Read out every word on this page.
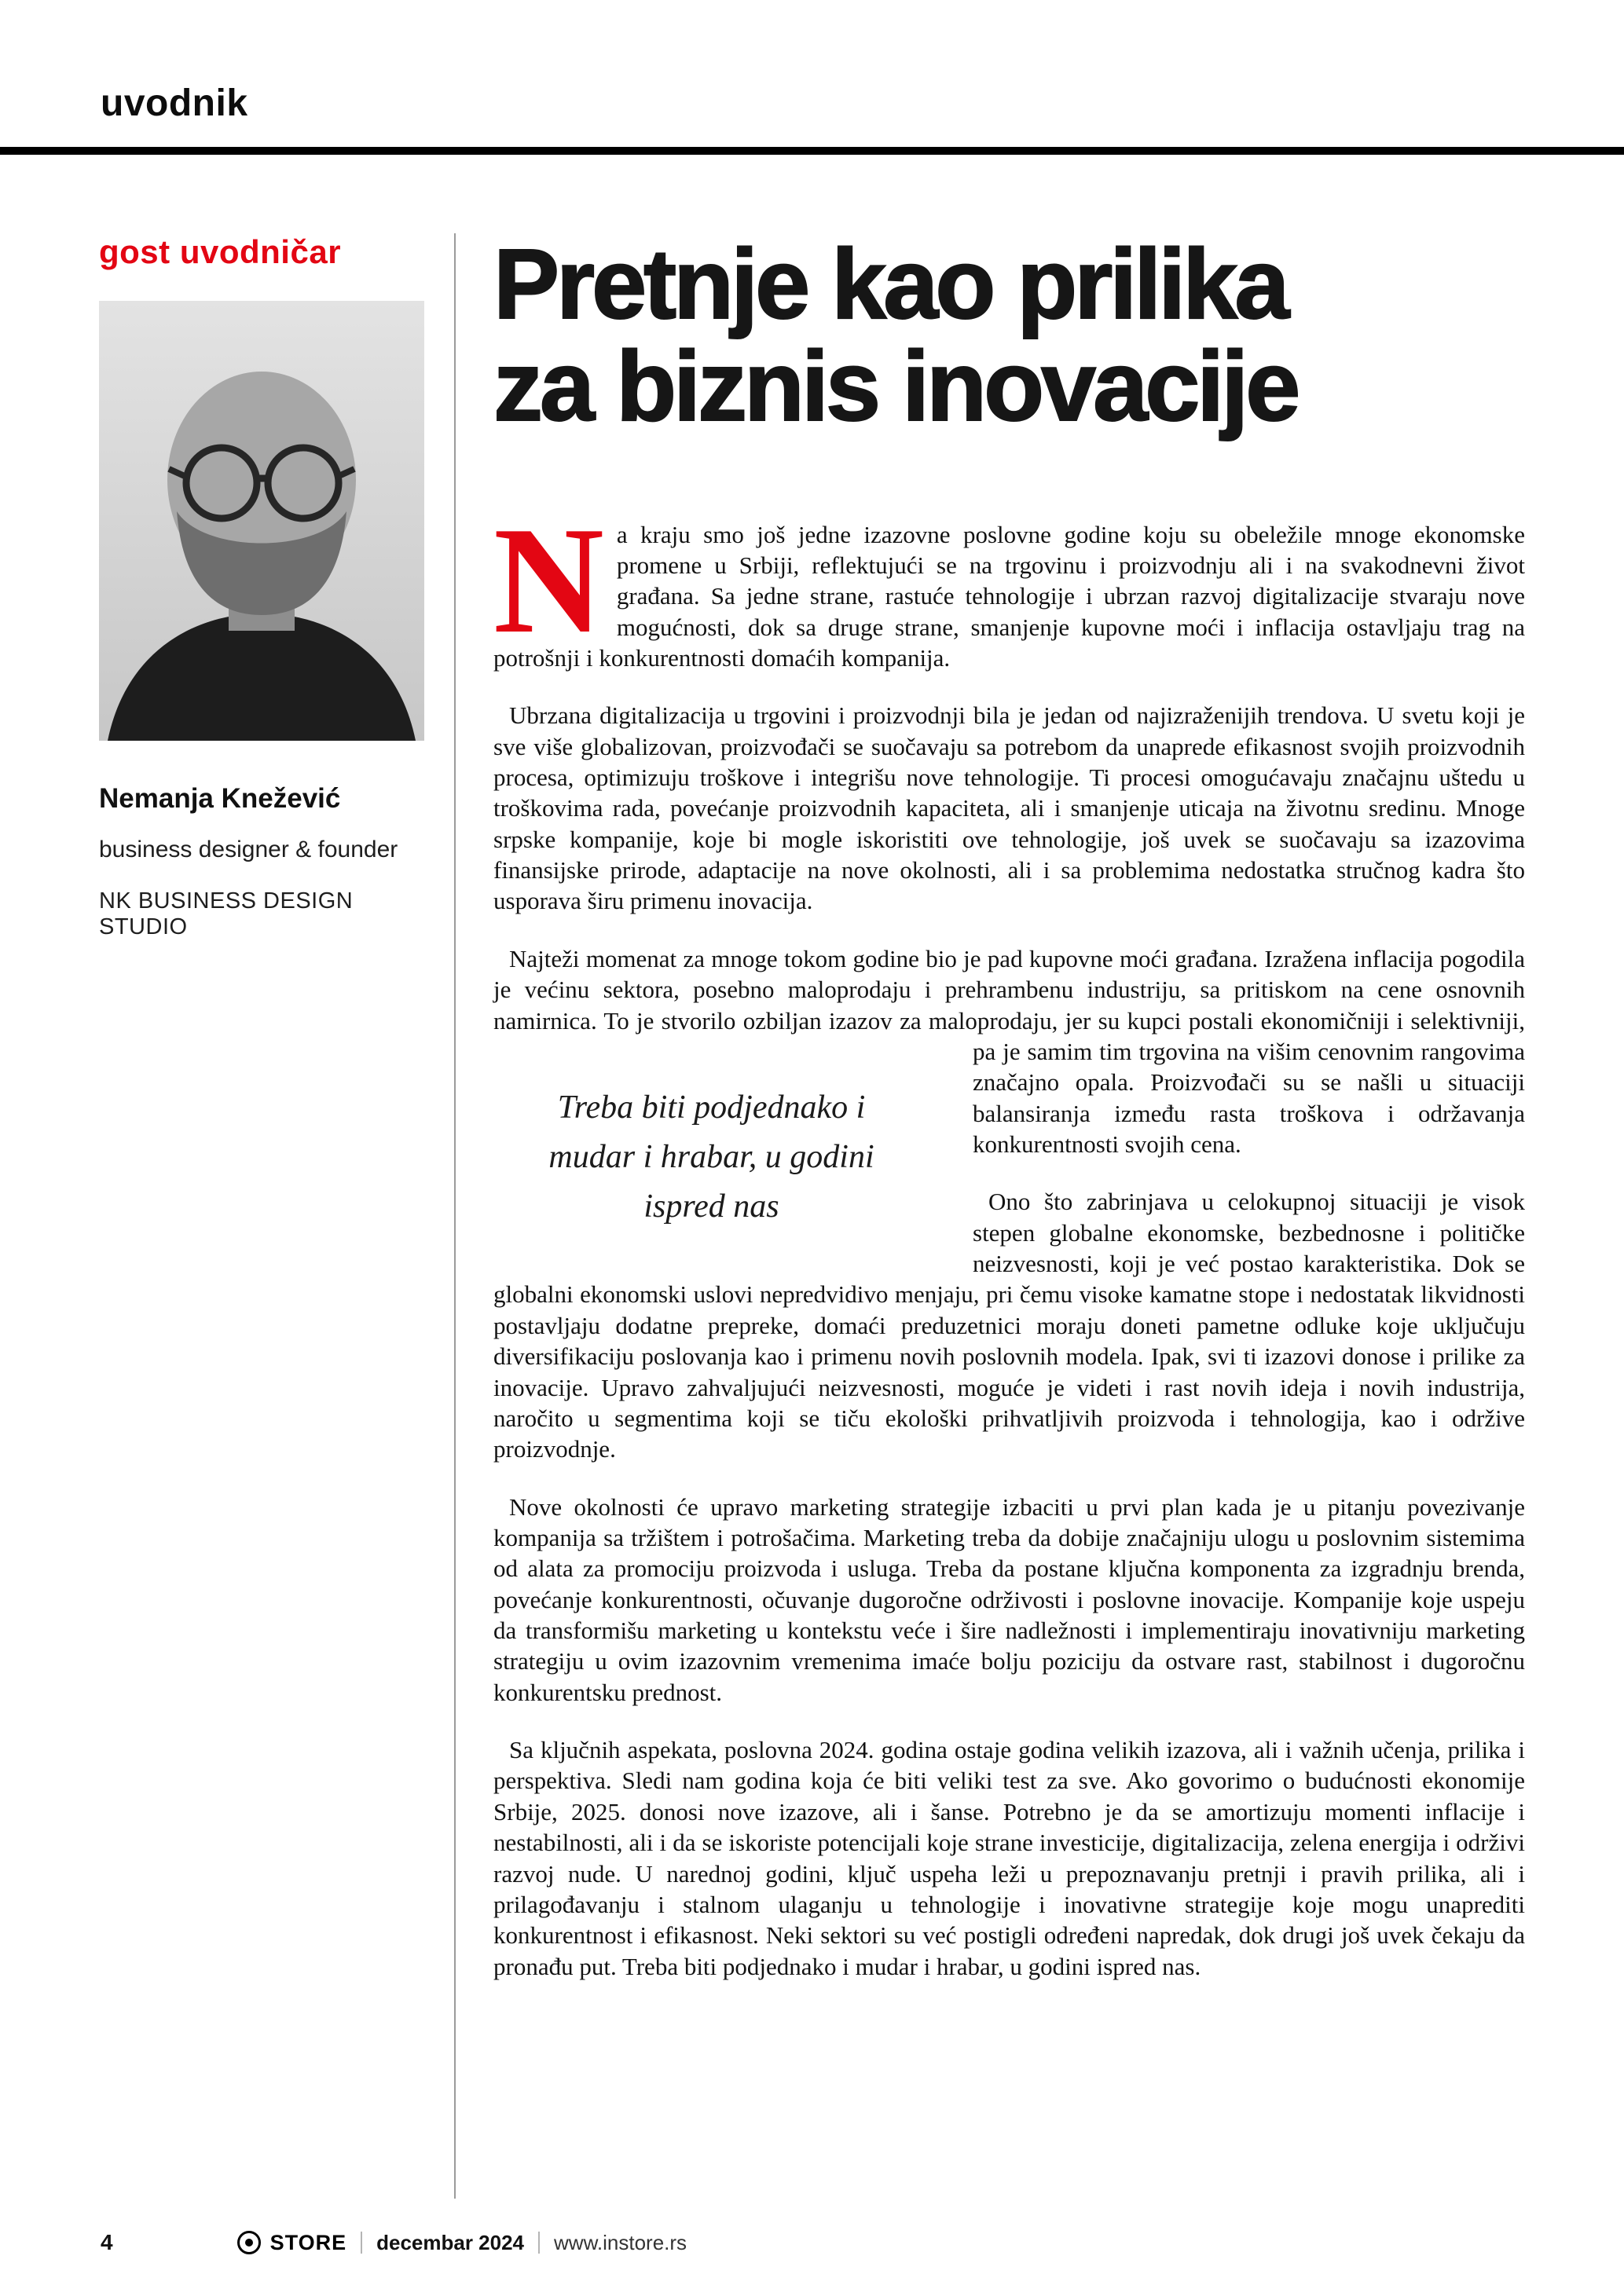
uvodnik
gost uvodničar
Nemanja Knežević
business designer & founder
NK BUSINESS DESIGN STUDIO
Pretnje kao prilika
za biznis inovacije

N a kraju smo još jedne izazovne poslovne godine koju su obeležile mnoge ekonomske promene u Srbiji, reflektujući se na trgovinu i proizvodnju ali i na svakodnevni život građana. Sa jedne strane, rastuće tehnologije i ubrzan razvoj digitalizacije stvaraju nove mogućnosti, dok sa druge strane, smanjenje kupovne moći i inflacija ostavljaju trag na potrošnji i konkurentnosti domaćih kompanija.

Ubrzana digitalizacija u trgovini i proizvodnji bila je jedan od najizraženijih trendova. U svetu koji je sve više globalizovan, proizvođači se suočavaju sa potrebom da unaprede efikasnost svojih proizvodnih procesa, optimizuju troškove i integrišu nove tehnologije. Ti procesi omogućavaju značajnu uštedu u troškovima rada, povećanje proizvodnih kapaciteta, ali i smanjenje uticaja na životnu sredinu. Mnoge srpske kompanije, koje bi mogle iskoristiti ove tehnologije, još uvek se suočavaju sa izazovima finansijske prirode, adaptacije na nove okolnosti, ali i sa problemima nedostatka stručnog kadra što usporava širu primenu inovacija.

Najteži momenat za mnoge tokom godine bio je pad kupovne moći građana. Izražena inflacija pogodila je većinu sektora, posebno maloprodaju i prehrambenu industriju, sa pritiskom na cene osnovnih namirnica. To je stvorilo ozbiljan izazov za maloprodaju, jer su kupci postali ekonomičniji i selektivniji, pa je samim tim trgovina na višim
Treba biti podjednako i mudar i hrabar, u godini ispred nas
cenovnim rangovima značajno opala. Proizvođači su se našli u situaciji balansiranja između rasta troškova i održavanja konkurentnosti svojih cena.

Ono što zabrinjava u celokupnoj situaciji je visok stepen globalne ekonomske, bezbednosne i političke neizvesnosti, koji je već postao karakteristika. Dok se globalni ekonomski uslovi nepredvidivo menjaju, pri čemu visoke kamatne stope i nedostatak likvidnosti postavljaju dodatne prepreke, domaći preduzetnici moraju doneti pametne odluke koje uključuju diversifikaciju poslovanja kao i primenu novih poslovnih modela. Ipak, svi ti izazovi donose i prilike za inovacije. Upravo zahvaljujući neizvesnosti, moguće je videti i rast novih ideja i novih industrija, naročito u segmentima koji se tiču ekološki prihvatljivih proizvoda i tehnologija, kao i održive proizvodnje.

Nove okolnosti će upravo marketing strategije izbaciti u prvi plan kada je u pitanju povezivanje kompanija sa tržištem i potrošačima. Marketing treba da dobije značajniju ulogu u poslovnim sistemima od alata za promociju proizvoda i usluga. Treba da postane ključna komponenta za izgradnju brenda, povećanje konkurentnosti, očuvanje dugoročne održivosti i poslovne inovacije. Kompanije koje uspeju da transformišu marketing u kontekstu veće i šire nadležnosti i implementiraju inovativniju marketing strategiju u ovim izazovnim vremenima imaće bolju poziciju da ostvare rast, stabilnost i dugoročnu konkurentsku prednost.

Sa ključnih aspekata, poslovna 2024. godina ostaje godina velikih izazova, ali i važnih učenja, prilika i perspektiva. Sledi nam godina koja će biti veliki test za sve. Ako govorimo o budućnosti ekonomije Srbije, 2025. donosi nove izazove, ali i šanse. Potrebno je da se amortizuju momenti inflacije i nestabilnosti, ali i da se iskoriste potencijali koje strane investicije, digitalizacija, zelena energija i održivi razvoj nude. U narednoj godini, ključ uspeha leži u prepoznavanju pretnji i pravih prilika, ali i prilagođavanju i stalnom ulaganju u tehnologije i inovativne strategije koje mogu unaprediti konkurentnost i efikasnost. Neki sektori su već postigli određeni napredak, dok drugi još uvek čekaju da pronađu put. Treba biti podjednako i mudar i hrabar, u godini ispred nas.

4	STORE decembar 2024 www.instore.rs
